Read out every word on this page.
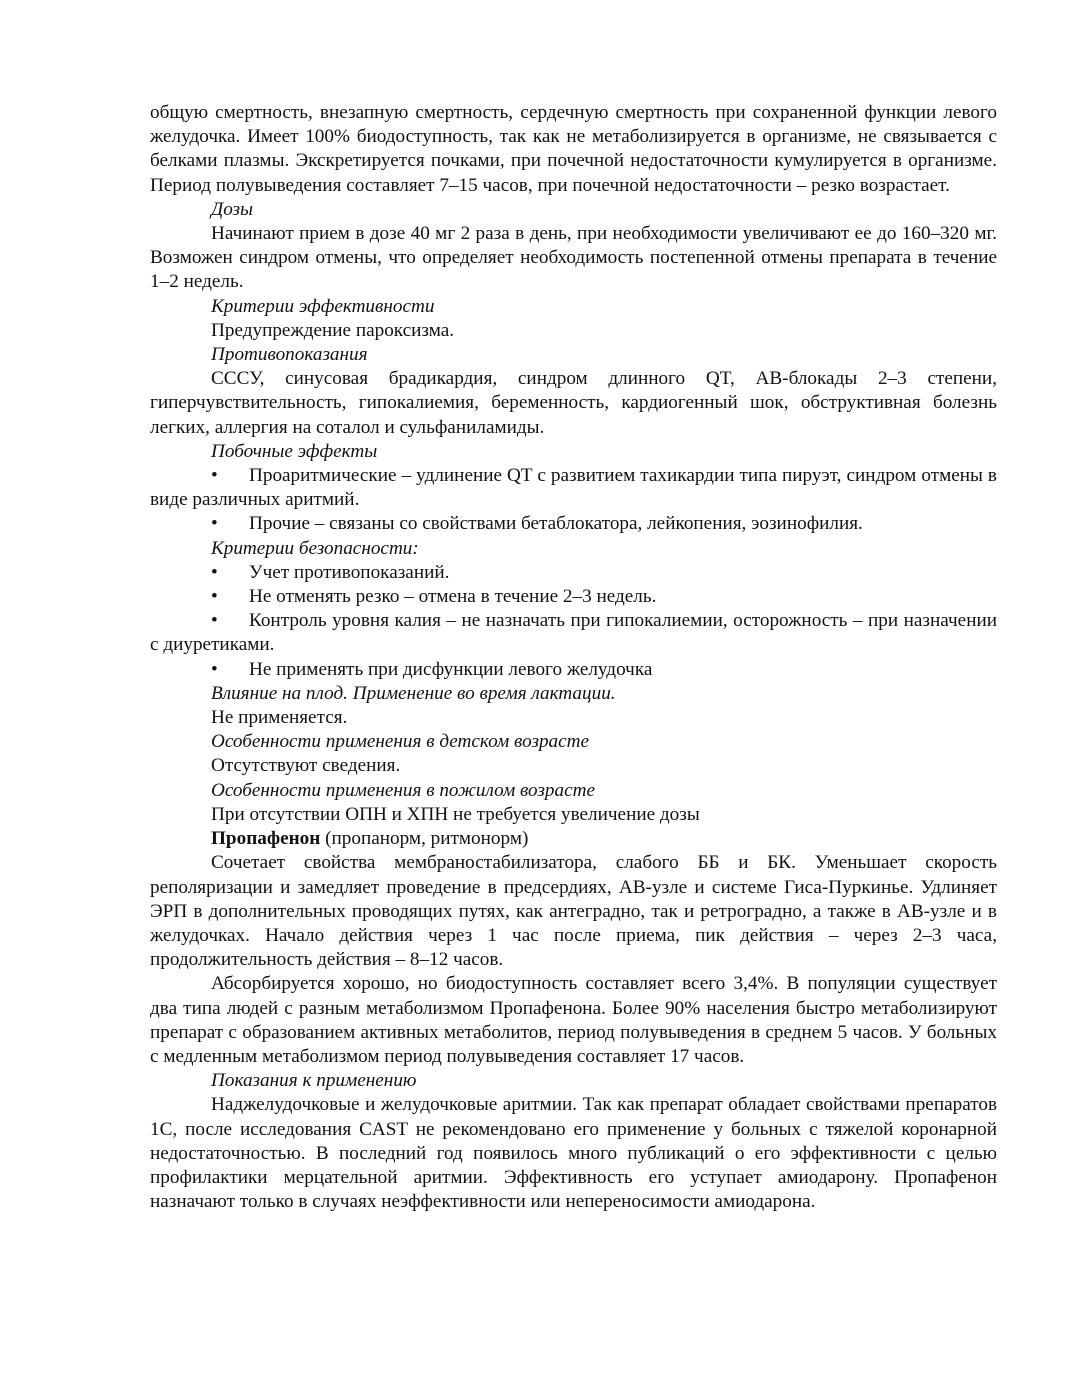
общую смертность, внезапную смертность, сердечную смертность при сохраненной функции левого желудочка. Имеет 100% биодоступность, так как не метаболизируется в организме, не связывается с белками плазмы. Экскретируется почками, при почечной недостаточности кумулируется в организме. Период полувыведения составляет 7–15 часов, при почечной недостаточности – резко возрастает.

Дозы

Начинают прием в дозе 40 мг 2 раза в день, при необходимости увеличивают ее до 160–320 мг. Возможен синдром отмены, что определяет необходимость постепенной отмены препарата в течение 1–2 недель.

Критерии эффективности

Предупреждение пароксизма.

Противопоказания

СССУ, синусовая брадикардия, синдром длинного QT, АВ-блокады 2–3 степени, гиперчувствительность, гипокалиемия, беременность, кардиогенный шок, обструктивная болезнь легких, аллергия на соталол и сульфаниламиды.

Побочные эффекты

• Проаритмические – удлинение QT с развитием тахикардии типа пируэт, синдром отмены в виде различных аритмий.

• Прочие – связаны со свойствами бетаблокатора, лейкопения, эозинофилия.

Критерии безопасности:

• Учет противопоказаний.

• Не отменять резко – отмена в течение 2–3 недель.

• Контроль уровня калия – не назначать при гипокалиемии, осторожность – при назначении с диуретиками.

• Не применять при дисфункции левого желудочка

Влияние на плод. Применение во время лактации.

Не применяется.

Особенности применения в детском возрасте

Отсутствуют сведения.

Особенности применения в пожилом возрасте

При отсутствии ОПН и ХПН не требуется увеличение дозы

Пропафенон (пропанорм, ритмонорм)

Сочетает свойства мембраностабилизатора, слабого ББ и БК. Уменьшает скорость реполяризации и замедляет проведение в предсердиях, АВ-узле и системе Гиса-Пуркинье. Удлиняет ЭРП в дополнительных проводящих путях, как антеградно, так и ретроградно, а также в АВ-узле и в желудочках. Начало действия через 1 час после приема, пик действия – через 2–3 часа, продолжительность действия – 8–12 часов.

Абсорбируется хорошо, но биодоступность составляет всего 3,4%. В популяции существует два типа людей с разным метаболизмом Пропафенона. Более 90% населения быстро метаболизируют препарат с образованием активных метаболитов, период полувыведения в среднем 5 часов. У больных с медленным метаболизмом период полувыведения составляет 17 часов.

Показания к применению

Наджелудочковые и желудочковые аритмии. Так как препарат обладает свойствами препаратов 1С, после исследования CAST не рекомендовано его применение у больных с тяжелой коронарной недостаточностью. В последний год появилось много публикаций о его эффективности с целью профилактики мерцательной аритмии. Эффективность его уступает амиодарону. Пропафенон назначают только в случаях неэффективности или непереносимости амиодарона.
